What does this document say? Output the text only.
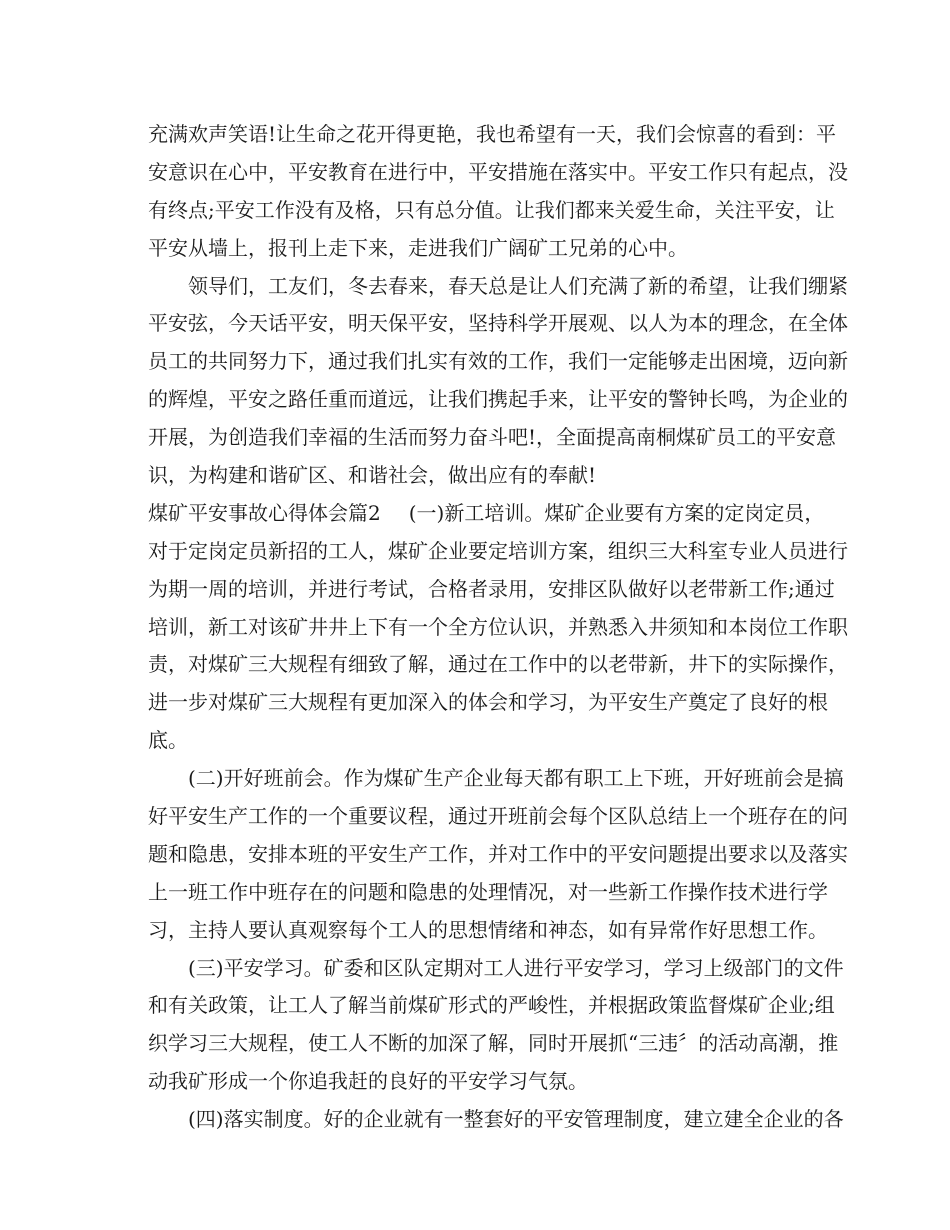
充满欢声笑语!让生命之花开得更艳，我也希望有一天，我们会惊喜的看到：平
安意识在心中，平安教育在进行中，平安措施在落实中。平安工作只有起点，没
有终点;平安工作没有及格，只有总分值。让我们都来关爱生命，关注平安，让
平安从墙上，报刊上走下来，走进我们广阔矿工兄弟的心中。
领导们，工友们，冬去春来，春天总是让人们充满了新的希望，让我们绷紧
平安弦，今天话平安，明天保平安，坚持科学开展观、以人为本的理念，在全体
员工的共同努力下，通过我们扎实有效的工作，我们一定能够走出困境，迈向新
的辉煌，平安之路任重而道远，让我们携起手来，让平安的警钟长鸣，为企业的
开展，为创造我们幸福的生活而努力奋斗吧!，全面提高南桐煤矿员工的平安意
识，为构建和谐矿区、和谐社会，做出应有的奉献!
煤矿平安事故心得体会篇2 (一)新工培训。煤矿企业要有方案的定岗定员，
对于定岗定员新招的工人，煤矿企业要定培训方案，组织三大科室专业人员进行
为期一周的培训，并进行考试，合格者录用，安排区队做好以老带新工作;通过
培训，新工对该矿井井上下有一个全方位认识，并熟悉入井须知和本岗位工作职
责，对煤矿三大规程有细致了解，通过在工作中的以老带新，井下的实际操作，
进一步对煤矿三大规程有更加深入的体会和学习，为平安生产奠定了良好的根
底。
(二)开好班前会。作为煤矿生产企业每天都有职工上下班，开好班前会是搞
好平安生产工作的一个重要议程，通过开班前会每个区队总结上一个班存在的问
题和隐患，安排本班的平安生产工作，并对工作中的平安问题提出要求以及落实
上一班工作中班存在的问题和隐患的处理情况，对一些新工作操作技术进行学
习，主持人要认真观察每个工人的思想情绪和神态，如有异常作好思想工作。
(三)平安学习。矿委和区队定期对工人进行平安学习，学习上级部门的文件
和有关政策，让工人了解当前煤矿形式的严峻性，并根据政策监督煤矿企业;组
织学习三大规程，使工人不断的加深了解，同时开展抓“三违〞的活动高潮，推
动我矿形成一个你追我赶的良好的平安学习气氛。
(四)落实制度。好的企业就有一整套好的平安管理制度，建立建全企业的各
